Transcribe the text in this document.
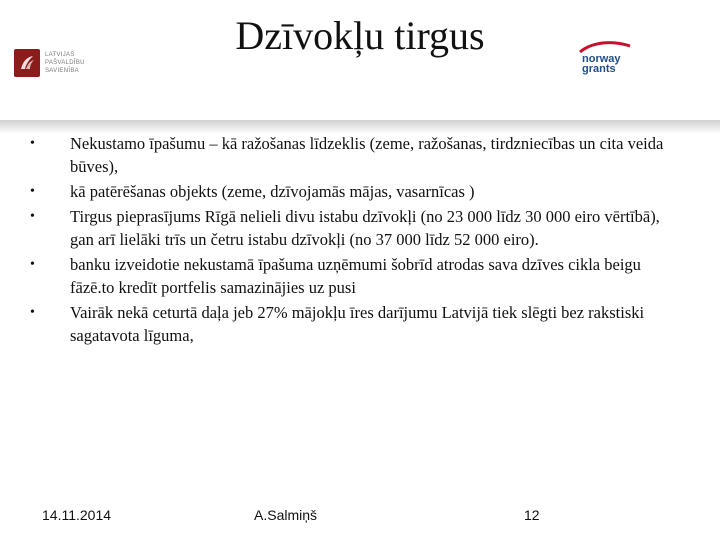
LATVIJAS PAŠVALDĪBU SAVIENĪBA
Dzīvokļu tirgus
norway
grants
•	Nekustamo īpašumu – kā ražošanas līdzeklis (zeme, ražošanas, tirdzniecības un cita veida būves),
•	kā patērēšanas objekts (zeme, dzīvojamās mājas, vasarnīcas )
•	Tirgus pieprasījums Rīgā nelieli divu istabu dzīvokļi (no 23 000 līdz 30 000 eiro vērtībā), gan arī lielāki trīs un četru istabu dzīvokļi (no 37 000 līdz 52 000 eiro).
•	banku izveidotie nekustamā īpašuma uzņēmumi šobrīd atrodas sava dzīves cikla beigu fāzē.to kredīt portfelis samazinājies uz pusi
•	Vairāk nekā ceturtā daļa jeb 27% mājokļu īres darījumu Latvijā tiek slēgti bez rakstiski sagatavota līguma,
14.11.2014	A.Salmiņš	12
